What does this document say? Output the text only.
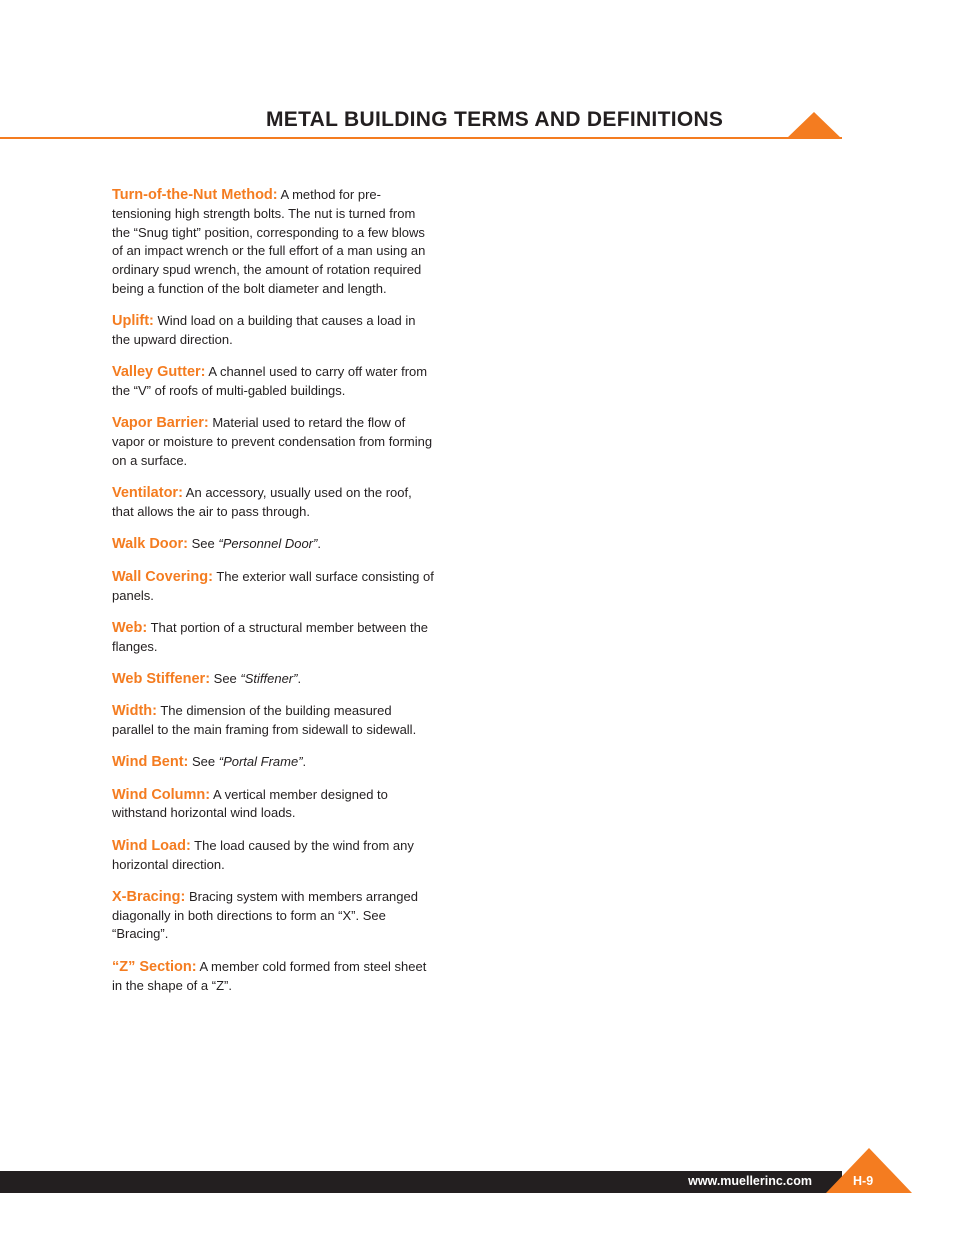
METAL BUILDING TERMS AND DEFINITIONS

Turn-of-the-Nut Method: A method for pre-tensioning high strength bolts. The nut is turned from the “Snug tight” position, corresponding to a few blows of an impact wrench or the full effort of a man using an ordinary spud wrench, the amount of rotation required being a function of the bolt diameter and length.

Uplift: Wind load on a building that causes a load in the upward direction.

Valley Gutter: A channel used to carry off water from the “V” of roofs of multi-gabled buildings.

Vapor Barrier: Material used to retard the flow of vapor or moisture to prevent condensation from forming on a surface.

Ventilator: An accessory, usually used on the roof, that allows the air to pass through.

Walk Door: See “Personnel Door”.

Wall Covering: The exterior wall surface consisting of panels.

Web: That portion of a structural member between the flanges.

Web Stiffener: See “Stiffener”.

Width: The dimension of the building measured parallel to the main framing from sidewall to sidewall.

Wind Bent: See “Portal Frame”.

Wind Column: A vertical member designed to withstand horizontal wind loads.

Wind Load: The load caused by the wind from any horizontal direction.

X-Bracing: Bracing system with members arranged diagonally in both directions to form an “X”. See “Bracing”.

“Z” Section: A member cold formed from steel sheet in the shape of a “Z”.

www.muellerinc.com	H-9
